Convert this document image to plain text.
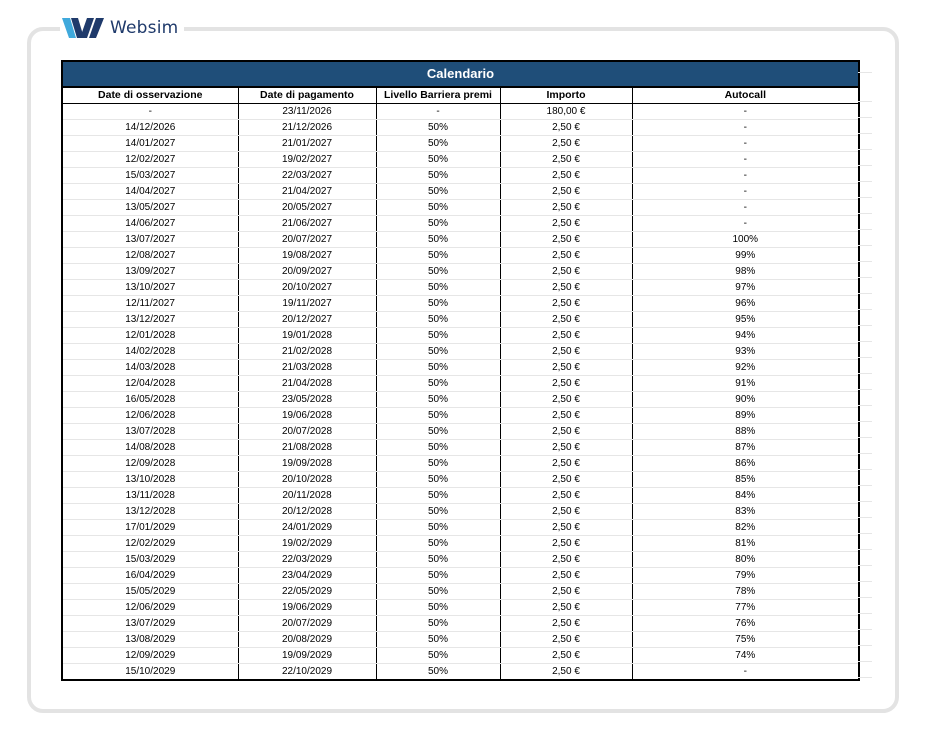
Websim
Calendario				
Date di osservazione	Date di pagamento	Livello Barriera premi	Importo	Autocall
-	23/11/2026	-	180,00 €	-
14/12/2026	21/12/2026	50%	2,50 €	-
14/01/2027	21/01/2027	50%	2,50 €	-
12/02/2027	19/02/2027	50%	2,50 €	-
15/03/2027	22/03/2027	50%	2,50 €	-
14/04/2027	21/04/2027	50%	2,50 €	-
13/05/2027	20/05/2027	50%	2,50 €	-
14/06/2027	21/06/2027	50%	2,50 €	-
13/07/2027	20/07/2027	50%	2,50 €	100%
12/08/2027	19/08/2027	50%	2,50 €	99%
13/09/2027	20/09/2027	50%	2,50 €	98%
13/10/2027	20/10/2027	50%	2,50 €	97%
12/11/2027	19/11/2027	50%	2,50 €	96%
13/12/2027	20/12/2027	50%	2,50 €	95%
12/01/2028	19/01/2028	50%	2,50 €	94%
14/02/2028	21/02/2028	50%	2,50 €	93%
14/03/2028	21/03/2028	50%	2,50 €	92%
12/04/2028	21/04/2028	50%	2,50 €	91%
16/05/2028	23/05/2028	50%	2,50 €	90%
12/06/2028	19/06/2028	50%	2,50 €	89%
13/07/2028	20/07/2028	50%	2,50 €	88%
14/08/2028	21/08/2028	50%	2,50 €	87%
12/09/2028	19/09/2028	50%	2,50 €	86%
13/10/2028	20/10/2028	50%	2,50 €	85%
13/11/2028	20/11/2028	50%	2,50 €	84%
13/12/2028	20/12/2028	50%	2,50 €	83%
17/01/2029	24/01/2029	50%	2,50 €	82%
12/02/2029	19/02/2029	50%	2,50 €	81%
15/03/2029	22/03/2029	50%	2,50 €	80%
16/04/2029	23/04/2029	50%	2,50 €	79%
15/05/2029	22/05/2029	50%	2,50 €	78%
12/06/2029	19/06/2029	50%	2,50 €	77%
13/07/2029	20/07/2029	50%	2,50 €	76%
13/08/2029	20/08/2029	50%	2,50 €	75%
12/09/2029	19/09/2029	50%	2,50 €	74%
15/10/2029	22/10/2029	50%	2,50 €	-
